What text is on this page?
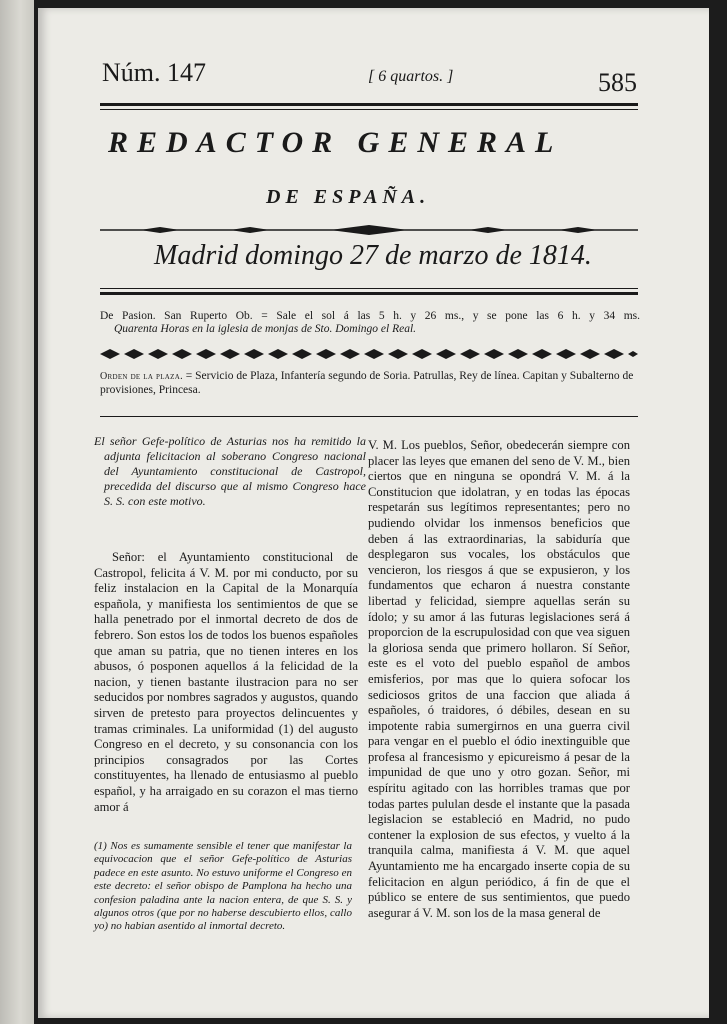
Núm. 147	[ 6 quartos. ]	585
REDACTOR GENERAL
DE ESPAÑA.
Madrid domingo 27 de marzo de 1814.
De Pasion. San Ruperto Ob. = Sale el sol á las 5 h. y 26 ms., y se pone las 6 h. y 34 ms.
Quarenta Horas en la iglesia de monjas de Sto. Domingo el Real.
Orden de la plaza. = Servicio de Plaza, Infantería segundo de Soria. Patrullas, Rey de línea. Capitan y Subalterno de provisiones, Princesa.
El señor Gefe-político de Asturias nos ha remitido la adjunta felicitacion al soberano Congreso nacional del Ayuntamiento constitucional de Castropol, precedida del discurso que al mismo Congreso hace S. S. con este motivo.
Señor: el Ayuntamiento constitucional de Castropol, felicita á V. M. por mi conducto, por su feliz instalacion en la Capital de la Monarquía española, y manifiesta los sentimientos de que se halla penetrado por el inmortal decreto de dos de febrero. Son estos los de todos los buenos españoles que aman su patria, que no tienen interes en los abusos, ó posponen aquellos á la felicidad de la nacion, y tienen bastante ilustracion para no ser seducidos por nombres sagrados y augustos, quando sirven de pretesto para proyectos delincuentes y tramas criminales. La uniformidad (1) del augusto Congreso en el decreto, y su consonancia con los principios consagrados por las Cortes constituyentes, ha llenado de entusiasmo al pueblo español, y ha arraigado en su corazon el mas tierno amor á
(1) Nos es sumamente sensible el tener que manifestar la equivocacion que el señor Gefe-político de Asturias padece en este asunto. No estuvo uniforme el Congreso en este decreto: el señor obispo de Pamplona ha hecho una confesion paladina ante la nacion entera, de que S. S. y algunos otros (que por no haberse descubierto ellos, callo yo) no habian asentido al inmortal decreto.
V. M. Los pueblos, Señor, obedecerán siempre con placer las leyes que emanen del seno de V. M., bien ciertos que en ninguna se opondrá V. M. á la Constitucion que idolatran, y en todas las épocas respetarán sus legítimos representantes; pero no pudiendo olvidar los inmensos beneficios que deben á las extraordinarias, la sabiduría que desplegaron sus vocales, los obstáculos que vencieron, los riesgos á que se expusieron, y los fundamentos que echaron á nuestra constante libertad y felicidad, siempre aquellas serán su ídolo; y su amor á las futuras legislaciones será á proporcion de la escrupulosidad con que vea siguen la gloriosa senda que primero hollaron. Sí Señor, este es el voto del pueblo español de ambos emisferios, por mas que lo quiera sofocar los sediciosos gritos de una faccion que aliada á españoles, ó traidores, ó débiles, desean en su impotente rabia sumergirnos en una guerra civil para vengar en el pueblo el ódio inextinguible que profesa al francesismo y epicureismo á pesar de la impunidad de que uno y otro gozan. Señor, mi espíritu agitado con las horribles tramas que por todas partes pululan desde el instante que la pasada legislacion se estableció en Madrid, no pudo contener la explosion de sus efectos, y vuelto á la tranquila calma, manifiesta á V. M. que aquel Ayuntamiento me ha encargado inserte copia de su felicitacion en algun periódico, á fin de que el público se entere de sus sentimientos, que puedo asegurar á V. M. son los de la masa general de
